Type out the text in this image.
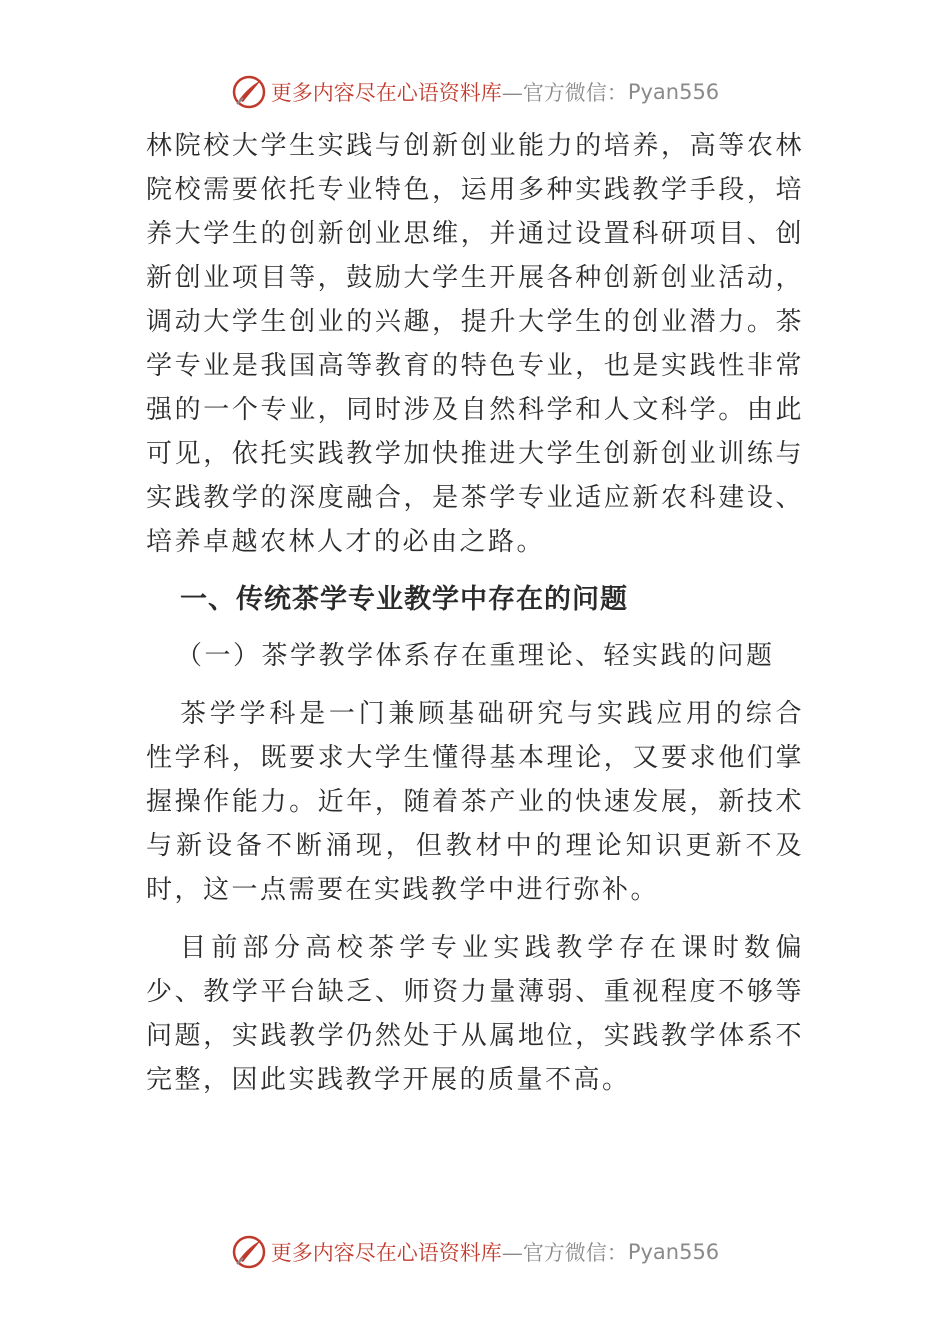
更多内容尽在心语资料库 —官方微信： Pyan556

林院校大学生实践与创新创业能力的培养，高等农林院校需要依托专业特色，运用多种实践教学手段，培养大学生的创新创业思维，并通过设置科研项目、创新创业项目等，鼓励大学生开展各种创新创业活动，调动大学生创业的兴趣，提升大学生的创业潜力。茶学专业是我国高等教育的特色专业，也是实践性非常强的一个专业，同时涉及自然科学和人文科学。由此可见，依托实践教学加快推进大学生创新创业训练与实践教学的深度融合，是茶学专业适应新农科建设、培养卓越农林人才的必由之路。

一、传统茶学专业教学中存在的问题
（一）茶学教学体系存在重理论、轻实践的问题

茶学学科是一门兼顾基础研究与实践应用的综合性学科，既要求大学生懂得基本理论，又要求他们掌握操作能力。近年，随着茶产业的快速发展，新技术与新设备不断涌现，但教材中的理论知识更新不及时，这一点需要在实践教学中进行弥补。

目前部分高校茶学专业实践教学存在课时数偏少、教学平台缺乏、师资力量薄弱、重视程度不够等问题，实践教学仍然处于从属地位，实践教学体系不完整，因此实践教学开展的质量不高。

更多内容尽在心语资料库 —官方微信： Pyan556
